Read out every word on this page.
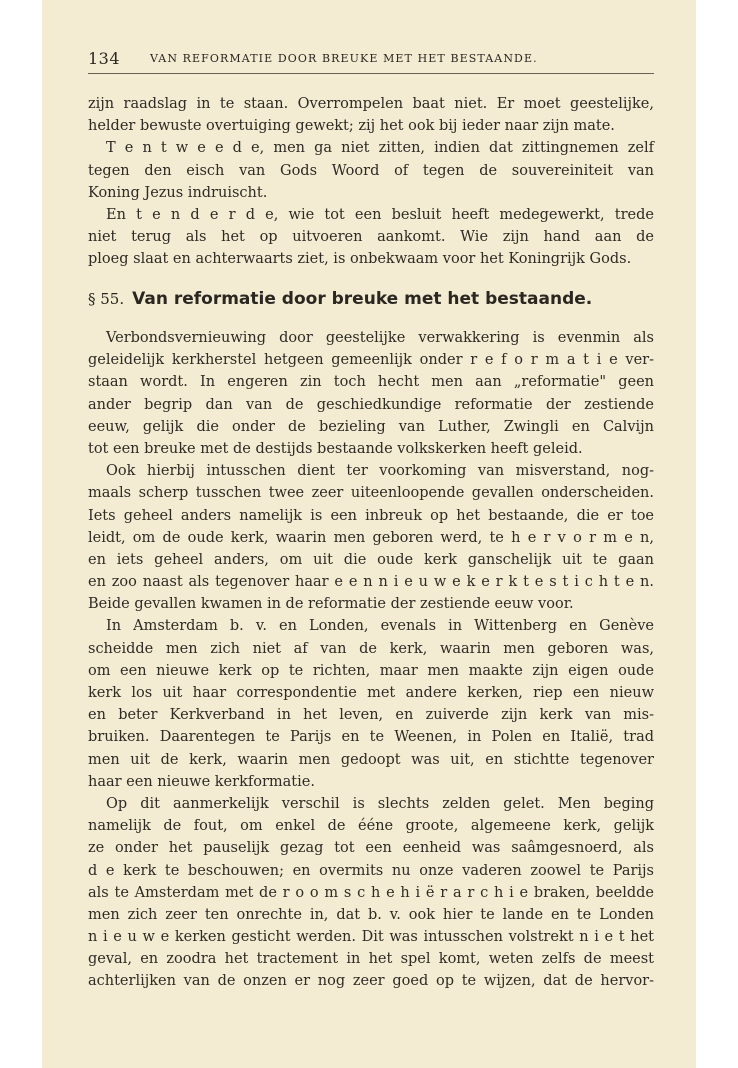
134	VAN REFORMATIE DOOR BREUKE MET HET BESTAANDE.
zijn raadslag in te staan. Overrompelen baat niet. Er moet geestelijke,
helder bewuste overtuiging gewekt; zij het ook bij ieder naar zijn mate.
T e n t w e e d e, men ga niet zitten, indien dat zittingnemen zelf
tegen den eisch van Gods Woord of tegen de souvereiniteit van
Koning Jezus indruischt.
En t e n d e r d e, wie tot een besluit heeft medegewerkt, trede
niet terug als het op uitvoeren aankomt. Wie zijn hand aan de
ploeg slaat en achterwaarts ziet, is onbekwaam voor het Koningrijk Gods.
§ 55. Van reformatie door breuke met het bestaande.
Verbondsvernieuwing door geestelijke verwakkering is evenmin als
geleidelijk kerkherstel hetgeen gemeenlijk onder r e f o r m a t i e ver-
staan wordt. In engeren zin toch hecht men aan „reformatie" geen
ander begrip dan van de geschiedkundige reformatie der zestiende
eeuw, gelijk die onder de bezieling van Luther, Zwingli en Calvijn
tot een breuke met de destijds bestaande volkskerken heeft geleid.
Ook hierbij intusschen dient ter voorkoming van misverstand, nog-
maals scherp tusschen twee zeer uiteenloopende gevallen onderscheiden.
Iets geheel anders namelijk is een inbreuk op het bestaande, die er toe
leidt, om de oude kerk, waarin men geboren werd, te h e r v o r m e n,
en iets geheel anders, om uit die oude kerk ganschelijk uit te gaan
en zoo naast als tegenover haar e e n n i e u w e k e r k t e s t i c h t e n.
Beide gevallen kwamen in de reformatie der zestiende eeuw voor.
In Amsterdam b. v. en Londen, evenals in Wittenberg en Genève
scheidde men zich niet af van de kerk, waarin men geboren was,
om een nieuwe kerk op te richten, maar men maakte zijn eigen oude
kerk los uit haar correspondentie met andere kerken, riep een nieuw
en beter Kerkverband in het leven, en zuiverde zijn kerk van mis-
bruiken. Daarentegen te Parijs en te Weenen, in Polen en Italië, trad
men uit de kerk, waarin men gedoopt was uit, en stichtte tegenover
haar een nieuwe kerkformatie.
Op dit aanmerkelijk verschil is slechts zelden gelet. Men beging
namelijk de fout, om enkel de ééne groote, algemeene kerk, gelijk
ze onder het pauselijk gezag tot een eenheid was saâmgesnoerd, als
d e kerk te beschouwen; en overmits nu onze vaderen zoowel te Parijs
als te Amsterdam met de r o o m s c h e h i ë r a r c h i e braken, beeldde
men zich zeer ten onrechte in, dat b. v. ook hier te lande en te Londen
n i e u w e kerken gesticht werden. Dit was intusschen volstrekt n i e t het
geval, en zoodra het tractement in het spel komt, weten zelfs de meest
achterlijken van de onzen er nog zeer goed op te wijzen, dat de hervor-
